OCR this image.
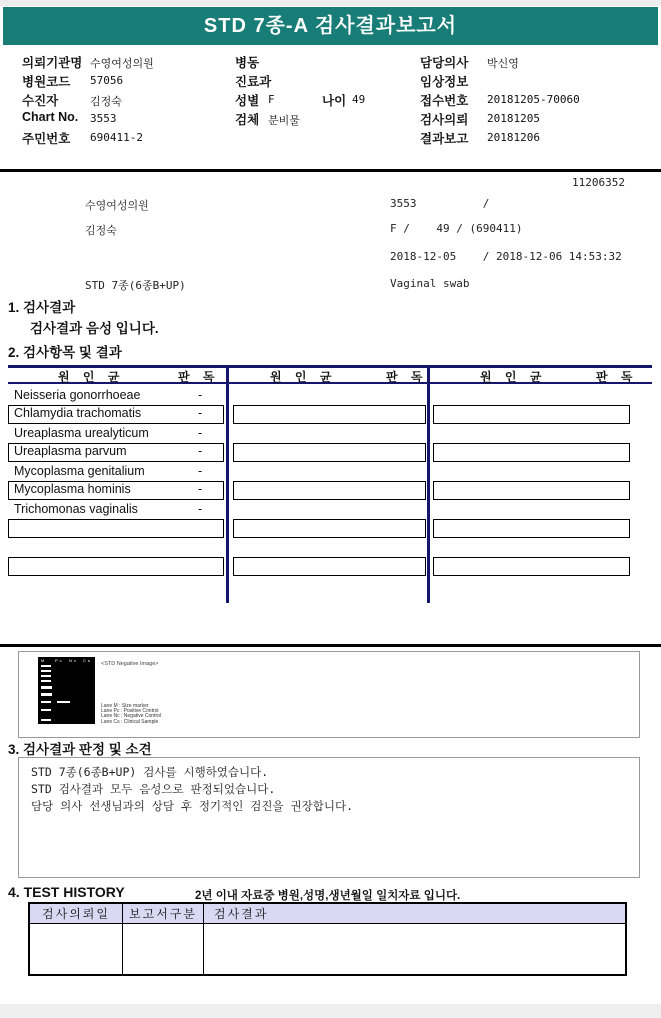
STD 7종-A 검사결과보고서
의뢰기관명 수영여성의원
병원코드 57056
수진자	김정숙
Chart No. 3553
주민번호 690411-2
병동
진료과
성별 F	나이 49
검체 분비물
담당의사 박신영
임상정보
접수번호 20181205-70060
검사의뢰 20181205
결과보고 20181206
11206352
수영여성의원	3553          /
김정숙	F /    49 / (690411)
2018-12-05    / 2018-12-06 14:53:32
STD 7종(6종B+UP)	Vaginal swab
1. 검사결과
검사결과 음성 입니다.
2. 검사항목 및 결과
원 인 균	판 독	원 인 균	판 독	원 인 균	판 독
Neisseria gonorrhoeae	-
Chlamydia trachomatis	-
Ureaplasma urealyticum	-
Ureaplasma parvum	-
Mycoplasma genitalium	-
Mycoplasma hominis	-
Trichomonas vaginalis	-
M Pc Nc Cs
<STD Negative Image>
Lane M : Size marker
Lane Pc : Positive Control
Lane Nc : Negative Control
Lane Cs : Clinical Sample
3. 검사결과 판정 및 소견
STD 7종(6종B+UP) 검사를 시행하였습니다.
STD 검사결과 모두 음성으로 판정되었습니다.
담당 의사 선생님과의 상담 후 정기적인 검진을 권장합니다.
4. TEST HISTORY	2년 이내 자료중 병원,성명,생년월일 일치자료 입니다.
검사의뢰일	보고서구분	검사결과
